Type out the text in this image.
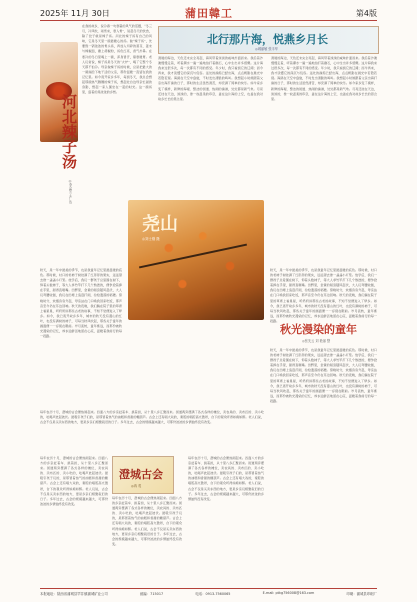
2025年 11月 30日	蒲田韓工	第4版
河北辣子汤
◎李会堂 王广达
在我的故乡，说冷春一句寒暑的风气的话题，“冬三月，冷风吹，雨雪来，寒入骨”，说起冬天的饮食，除了饺子就是辣子汤。河北的辣子汤有自己的风味，它是冬天里一碗最暖心的汤。做“辣子汤”，先要熬一锅浓浓的骨头汤，再加入切碎的葱花、姜末与辣椒面，撒上胡椒粉，汤色红亮，香气扑鼻。在寒冷的冬日里喝上一碗，浑身冒汗，驱寒暖胃。老人们常说，辣子汤是冬天的“火炉”，喝了它整个冬天都不怕冷。母亲做辣子汤的时候，总是把最大的一碗端给下地干活的父亲，那份温暖一直留在我的记忆里。如今离开家乡多年，每到冬天，我总会想起那碗热气腾腾的辣子汤，想起灶台边母亲忙碌的身影，想起一家人围坐在一起的时光。这一碗汤里，盛着的是浓浓的乡愁。
北行那片海，悦燕乡月长
◎城丽敏 张丰华
清晨的海边，天色还未完全亮起，海风带着淡淡的咸味扑面而来。我沿着沙滩慢慢走着，听着潮水一遍一遍地拍打着礁石，心中生出许多感慨。这片海我来过很多次，每一次都有不同的感受。年少时，我只看到它的辽阔；而今再来，我才读懂它的深沉与包容。远处的渔船已经出海，点点帆影在晨光中若隐若现。海鸥在天空中盘旋，不时发出清脆的鸣叫。我想起小时候跟着父亲出海打渔的日子，那时的生活虽然清苦，却充满了简单的快乐。如今家乡变了模样，新修的海堤、整洁的街道、热闹的渔港，处处都是新气象。月亮还挂在天边，淡淡的，像一枚温柔的印章，盖在这片海的上空，也盖在我对故乡长长的思念里。
清晨的海边，天色还未完全亮起，海风带着淡淡的咸味扑面而来。我沿着沙滩慢慢走着，听着潮水一遍一遍地拍打着礁石，心中生出许多感慨。这片海我来过很多次，每一次都有不同的感受。年少时，我只看到它的辽阔；而今再来，我才读懂它的深沉与包容。远处的渔船已经出海，点点帆影在晨光中若隐若现。海鸥在天空中盘旋，不时发出清脆的鸣叫。我想起小时候跟着父亲出海打渔的日子，那时的生活虽然清苦，却充满了简单的快乐。如今家乡变了模样，新修的海堤、整洁的街道、热闹的渔港，处处都是新气象。月亮还挂在天边，淡淡的，像一枚温柔的印章，盖在这片海的上空，也盖在我对故乡长长的思念里。
尧山
◎刘士刚 摄
秋天，是一年中最美的季节，也是我童年记忆里最温暖的底色。那时候，村口的老柿子树挂满了红彤彤的果实，远远望去像一盏盏小灯笼。放学后，我们一群孩子总爱围在树下，仰着头数柿子，等大人拿竹竿打下几个熟透的，便争抢着捧在手里，甜得直咂嘴。田野里，金黄的稻浪随风起伏，大人们弯腰收割，我们在田埂上追逐打闹，捡拾遗落的稻穗。傍晚时分，炊烟袅袅升起，母亲站在门口唤我回家吃饭，那声音至今仍在耳边回响。秋天的夜晚，我们躺在院子里的草席上看星星，听奶奶讲那些古老的故事，不知不觉便进入了梦乡。如今，我已离开故乡多年，城市的秋天没有漫山的红叶，也没有满树的柿子，可每当秋风吹起，那些关于童年的画面便一一浮现在眼前。岁月流转，童年渐远，而那份被秋光漫染的记忆，却永远鲜活地留在心底，温暖着我前行的每一段路。
秋天，是一年中最美的季节，也是我童年记忆里最温暖的底色。那时候，村口的老柿子树挂满了红彤彤的果实，远远望去像一盏盏小灯笼。放学后，我们一群孩子总爱围在树下，仰着头数柿子，等大人拿竹竿打下几个熟透的，便争抢着捧在手里，甜得直咂嘴。田野里，金黄的稻浪随风起伏，大人们弯腰收割，我们在田埂上追逐打闹，捡拾遗落的稻穗。傍晚时分，炊烟袅袅升起，母亲站在门口唤我回家吃饭，那声音至今仍在耳边回响。秋天的夜晚，我们躺在院子里的草席上看星星，听奶奶讲那些古老的故事，不知不觉便进入了梦乡。如今，我已离开故乡多年，城市的秋天没有漫山的红叶，也没有满树的柿子，可每当秋风吹起，那些关于童年的画面便一一浮现在眼前。岁月流转，童年渐远，而那份被秋光漫染的记忆，却永远鲜活地留在心底，温暖着我前行的每一段路。
秋光漫染的童年
◎张先云 刘 艳丽 整
秋天，是一年中最美的季节，也是我童年记忆里最温暖的底色。那时候，村口的老柿子树挂满了红彤彤的果实，远远望去像一盏盏小灯笼。放学后，我们一群孩子总爱围在树下，仰着头数柿子，等大人拿竹竿打下几个熟透的，便争抢着捧在手里，甜得直咂嘴。田野里，金黄的稻浪随风起伏，大人们弯腰收割，我们在田埂上追逐打闹，捡拾遗落的稻穗。傍晚时分，炊烟袅袅升起，母亲站在门口唤我回家吃饭，那声音至今仍在耳边回响。秋天的夜晚，我们躺在院子里的草席上看星星，听奶奶讲那些古老的故事，不知不觉便进入了梦乡。如今，我已离开故乡多年，城市的秋天没有漫山的红叶，也没有满树的柿子，可每当秋风吹起，那些关于童年的画面便一一浮现在眼前。岁月流转，童年渐远，而那份被秋光漫染的记忆，却永远鲜活地留在心底，温暖着我前行的每一段路。
每年农历十月，澄城的古会便热闹起来。四面八方的乡亲赶着车、挑着担，从十里八乡汇聚而来。街道两旁摆满了各式各样的摊位，卖农具的、卖布匹的、卖小吃的，吆喝声此起彼伏。最吸引孩子们的，是那冒着热气的油糕和香甜的糖葫芦。古会上还有唱大戏的，秦腔的唱腔高亢激昂，台下的观众听得如痴如醉。老人们说，古会不仅是买卖东西的地方，更是乡亲们相聚叙旧的日子。多年过去，古会的规模越来越大，可那份浓浓的乡情始终没有改变。
每年农历十月，澄城的古会便热闹起来。四面八方的乡亲赶着车、挑着担，从十里八乡汇聚而来。街道两旁摆满了各式各样的摊位，卖农具的、卖布匹的、卖小吃的，吆喝声此起彼伏。最吸引孩子们的，是那冒着热气的油糕和香甜的糖葫芦。古会上还有唱大戏的，秦腔的唱腔高亢激昂，台下的观众听得如痴如醉。老人们说，古会不仅是买卖东西的地方，更是乡亲们相聚叙旧的日子。多年过去，古会的规模越来越大，可那份浓浓的乡情始终没有改变。
澄城古会
◎冉 茂
每年农历十月，澄城的古会便热闹起来。四面八方的乡亲赶着车、挑着担，从十里八乡汇聚而来。街道两旁摆满了各式各样的摊位，卖农具的、卖布匹的、卖小吃的，吆喝声此起彼伏。最吸引孩子们的，是那冒着热气的油糕和香甜的糖葫芦。古会上还有唱大戏的，秦腔的唱腔高亢激昂，台下的观众听得如痴如醉。老人们说，古会不仅是买卖东西的地方，更是乡亲们相聚叙旧的日子。多年过去，古会的规模越来越大，可那份浓浓的乡情始终没有改变。
每年农历十月，澄城的古会便热闹起来。四面八方的乡亲赶着车、挑着担，从十里八乡汇聚而来。街道两旁摆满了各式各样的摊位，卖农具的、卖布匹的、卖小吃的，吆喝声此起彼伏。最吸引孩子们的，是那冒着热气的油糕和香甜的糖葫芦。古会上还有唱大戏的，秦腔的唱腔高亢激昂，台下的观众听得如痴如醉。老人们说，古会不仅是买卖东西的地方，更是乡亲们相聚叙旧的日子。多年过去，古会的规模越来越大，可那份浓浓的乡情始终没有改变。
本报地址：陕西省蒲城县罕井镇蒲城矿业公司	邮编：715017	电话：0913-7560065	E-mail: ptkg756008@163.com	印刷：蒲城县印刷厂
